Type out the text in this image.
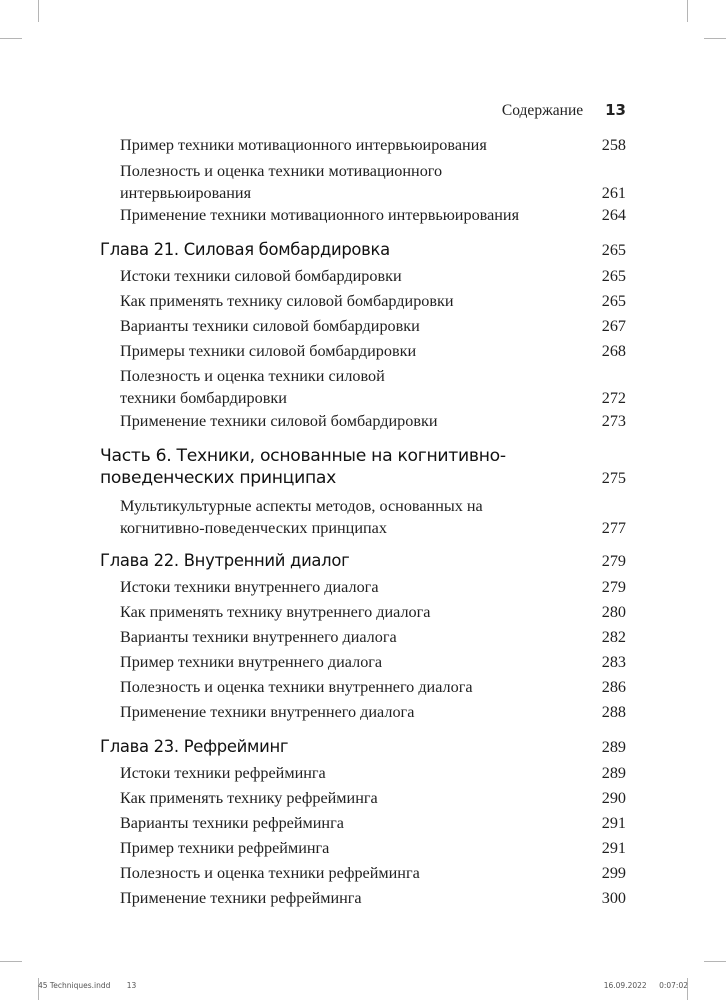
Содержание 13
Пример техники мотивационного интервьюирования	258
Полезность и оценка техники мотивационного интервьюирования	261
Применение техники мотивационного интервьюирования	264
Глава 21. Силовая бомбардировка	265
Истоки техники силовой бомбардировки	265
Как применять технику силовой бомбардировки	265
Варианты техники силовой бомбардировки	267
Примеры техники силовой бомбардировки	268
Полезность и оценка техники силовой техники бомбардировки	272
Применение техники силовой бомбардировки	273
Часть 6. Техники, основанные на когнитивно-поведенческих принципах	275
Мультикультурные аспекты методов, основанных на когнитивно-поведенческих принципах	277
Глава 22. Внутренний диалог	279
Истоки техники внутреннего диалога	279
Как применять технику внутреннего диалога	280
Варианты техники внутреннего диалога	282
Пример техники внутреннего диалога	283
Полезность и оценка техники внутреннего диалога	286
Применение техники внутреннего диалога	288
Глава 23. Рефрейминг	289
Истоки техники рефрейминга	289
Как применять технику рефрейминга	290
Варианты техники рефрейминга	291
Пример техники рефрейминга	291
Полезность и оценка техники рефрейминга	299
Применение техники рефрейминга	300
45 Techniques.indd 13	16.09.2022 0:07:02
